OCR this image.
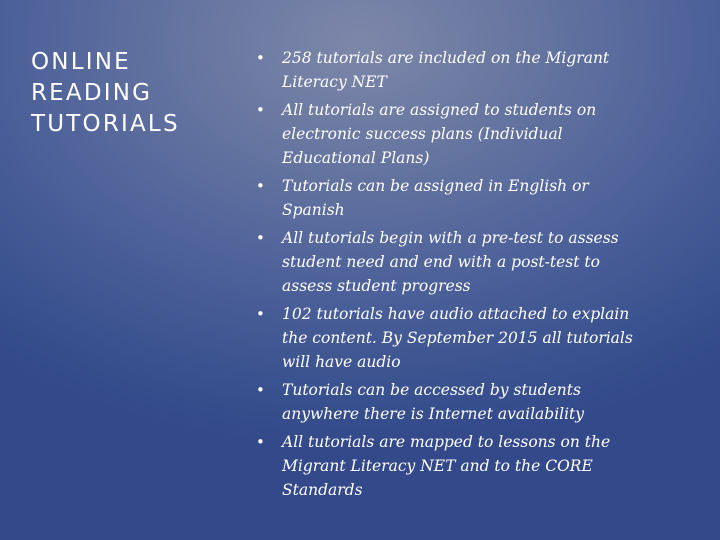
ONLINE
READING
TUTORIALS
• 258 tutorials are included on the Migrant Literacy NET
• All tutorials are assigned to students on electronic success plans (Individual Educational Plans)
• Tutorials can be assigned in English or Spanish
• All tutorials begin with a pre-test to assess student need and end with a post-test to assess student progress
• 102 tutorials have audio attached to explain the content. By September 2015 all tutorials will have audio
• Tutorials can be accessed by students anywhere there is Internet availability
• All tutorials are mapped to lessons on the Migrant Literacy NET and to the CORE Standards
